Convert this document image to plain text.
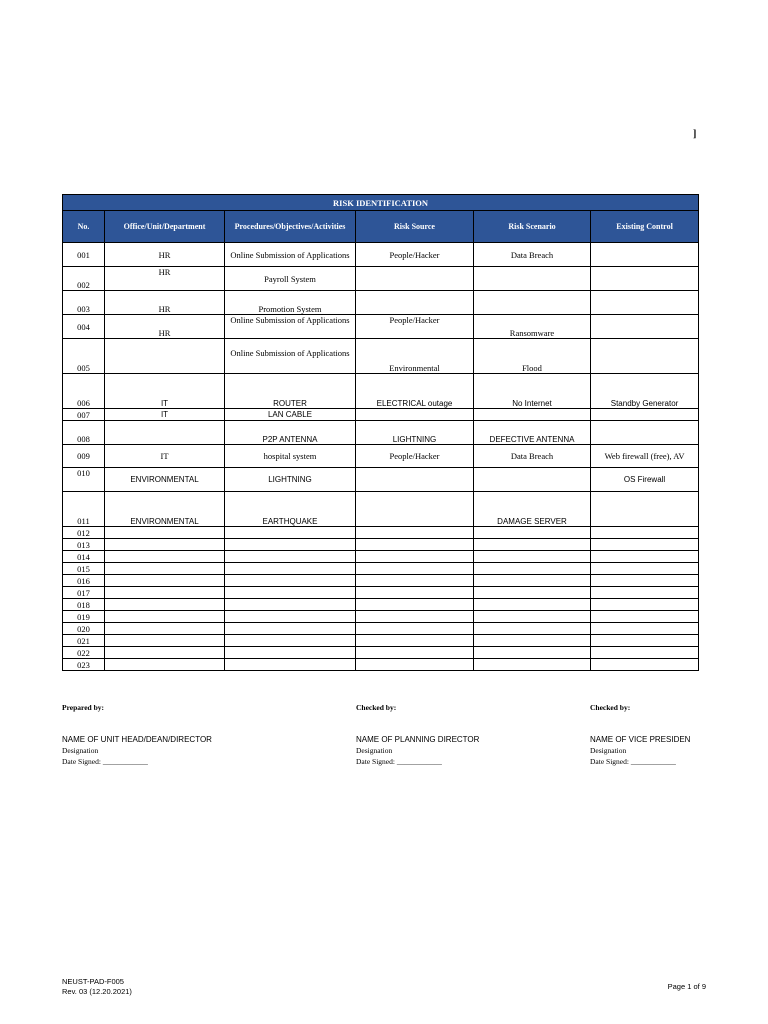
]
RISK IDENTIFICATION					
No.	Office/Unit/Department	Procedures/Objectives/Activities	Risk Source	Risk Scenario	Existing Control
001	HR	Online Submission of Applications	People/Hacker	Data Breach	
002	HR	Payroll System			
003	HR	Promotion System			
004	HR	Online Submission of Applications	People/Hacker	Ransomware	
005		Online Submission of Applications	Environmental	Flood	
006	IT	ROUTER	ELECTRICAL outage	No Internet	Standby Generator
007	IT	LAN CABLE			
008		P2P ANTENNA	LIGHTNING	DEFECTIVE ANTENNA	
009	IT	hospital system	People/Hacker	Data Breach	Web firewall (free), AV
010	ENVIRONMENTAL	LIGHTNING			OS Firewall
011	ENVIRONMENTAL	EARTHQUAKE		DAMAGE SERVER	
012					
013					
014					
015					
016					
017					
018					
019					
020					
021					
022					
023					
Prepared by:
NAME OF UNIT HEAD/DEAN/DIRECTOR
Designation
Date Signed: ____________
Checked by:
NAME OF PLANNING DIRECTOR
Designation
Date Signed: ____________
Checked by:
NAME OF VICE PRESIDEN
Designation
Date Signed: ____________
NEUST-PAD-F005
Rev. 03 (12.20.2021)
Page 1 of 9
